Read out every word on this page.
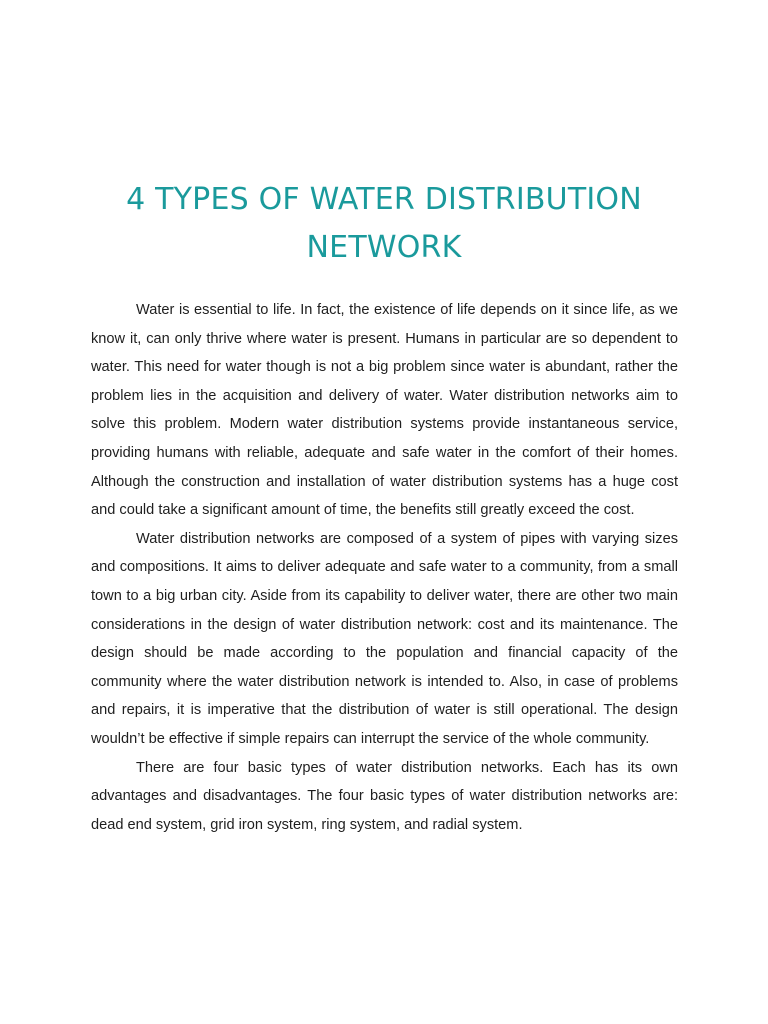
4 TYPES OF WATER DISTRIBUTION NETWORK

Water is essential to life. In fact, the existence of life depends on it since life, as we know it, can only thrive where water is present. Humans in particular are so dependent to water. This need for water though is not a big problem since water is abundant, rather the problem lies in the acquisition and delivery of water. Water distribution networks aim to solve this problem. Modern water distribution systems provide instantaneous service, providing humans with reliable, adequate and safe water in the comfort of their homes. Although the construction and installation of water distribution systems has a huge cost and could take a significant amount of time, the benefits still greatly exceed the cost.

Water distribution networks are composed of a system of pipes with varying sizes and compositions. It aims to deliver adequate and safe water to a community, from a small town to a big urban city. Aside from its capability to deliver water, there are other two main considerations in the design of water distribution network: cost and its maintenance. The design should be made according to the population and financial capacity of the community where the water distribution network is intended to. Also, in case of problems and repairs, it is imperative that the distribution of water is still operational. The design wouldn’t be effective if simple repairs can interrupt the service of the whole community.

There are four basic types of water distribution networks. Each has its own advantages and disadvantages. The four basic types of water distribution networks are: dead end system, grid iron system, ring system, and radial system.
